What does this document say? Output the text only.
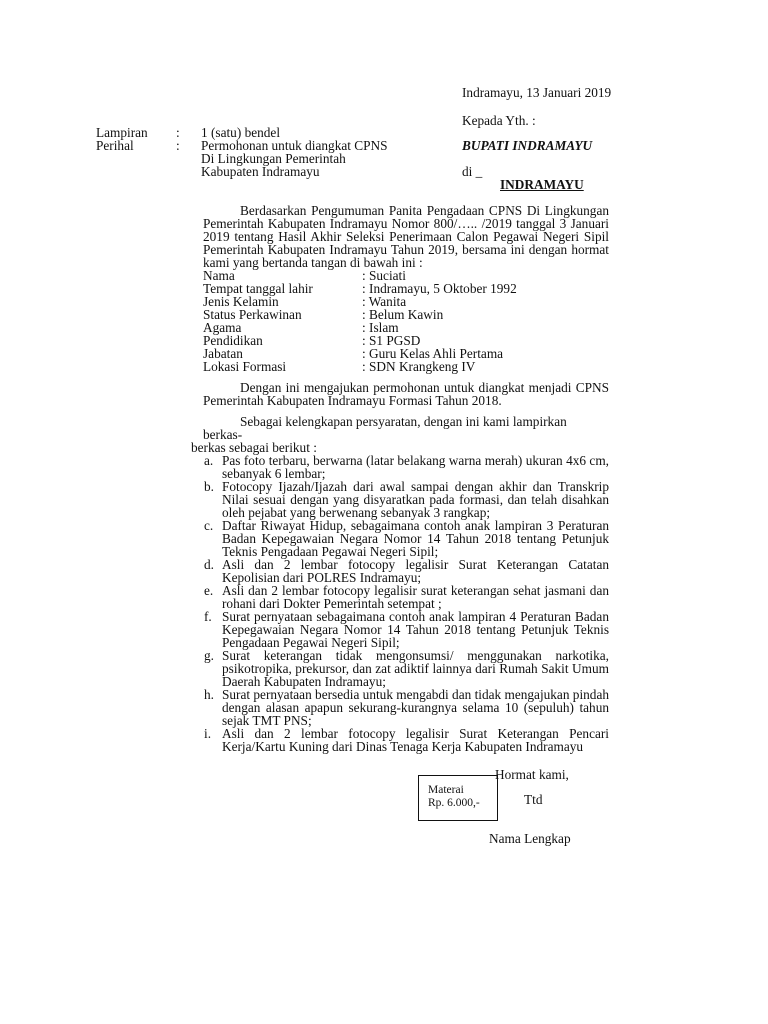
Indramayu, 13 Januari 2019
Kepada Yth. :
BUPATI INDRAMAYU
di _
INDRAMAYU
Lampiran	:	1 (satu) bendel
Perihal	:	Permohonan untuk diangkat CPNS
Di Lingkungan Pemerintah
Kabupaten Indramayu
Berdasarkan Pengumuman Panita Pengadaan CPNS Di Lingkungan Pemerintah Kabupaten Indramayu Nomor 800/….. /2019 tanggal 3 Januari 2019 tentang Hasil Akhir Seleksi Penerimaan Calon Pegawai Negeri Sipil Pemerintah Kabupaten Indramayu Tahun 2019, bersama ini dengan hormat kami yang bertanda tangan di bawah ini :
Nama	: Suciati
Tempat tanggal lahir	: Indramayu, 5 Oktober 1992
Jenis Kelamin	: Wanita
Status Perkawinan	: Belum Kawin
Agama	: Islam
Pendidikan	: S1 PGSD
Jabatan	: Guru Kelas Ahli Pertama
Lokasi Formasi	: SDN Krangkeng IV
Dengan ini mengajukan permohonan untuk diangkat menjadi CPNS Pemerintah Kabupaten Indramayu Formasi Tahun 2018.
Sebagai kelengkapan persyaratan, dengan ini kami lampirkan berkas-
berkas sebagai berikut :
a. Pas foto terbaru, berwarna (latar belakang warna merah) ukuran 4x6 cm, sebanyak 6 lembar;
b. Fotocopy Ijazah/Ijazah dari awal sampai dengan akhir dan Transkrip Nilai sesuai dengan yang disyaratkan pada formasi, dan telah disahkan oleh pejabat yang berwenang sebanyak 3 rangkap;
c. Daftar Riwayat Hidup, sebagaimana contoh anak lampiran 3 Peraturan Badan Kepegawaian Negara Nomor 14 Tahun 2018 tentang Petunjuk Teknis Pengadaan Pegawai Negeri Sipil;
d. Asli dan 2 lembar fotocopy legalisir Surat Keterangan Catatan Kepolisian dari POLRES Indramayu;
e. Asli dan 2 lembar fotocopy legalisir surat keterangan sehat jasmani dan rohani dari Dokter Pemerintah setempat ;
f. Surat pernyataan sebagaimana contoh anak lampiran 4 Peraturan Badan Kepegawaian Negara Nomor 14 Tahun 2018 tentang Petunjuk Teknis Pengadaan Pegawai Negeri Sipil;
g. Surat keterangan tidak mengonsumsi/ menggunakan narkotika, psikotropika, prekursor, dan zat adiktif lainnya dari Rumah Sakit Umum Daerah Kabupaten Indramayu;
h. Surat pernyataan bersedia untuk mengabdi dan tidak mengajukan pindah dengan alasan apapun sekurang-kurangnya selama 10 (sepuluh) tahun sejak TMT PNS;
i. Asli dan 2 lembar fotocopy legalisir Surat Keterangan Pencari Kerja/Kartu Kuning dari Dinas Tenaga Kerja Kabupaten Indramayu
Hormat kami,
Materai
Rp. 6.000,-	Ttd
Nama Lengkap
